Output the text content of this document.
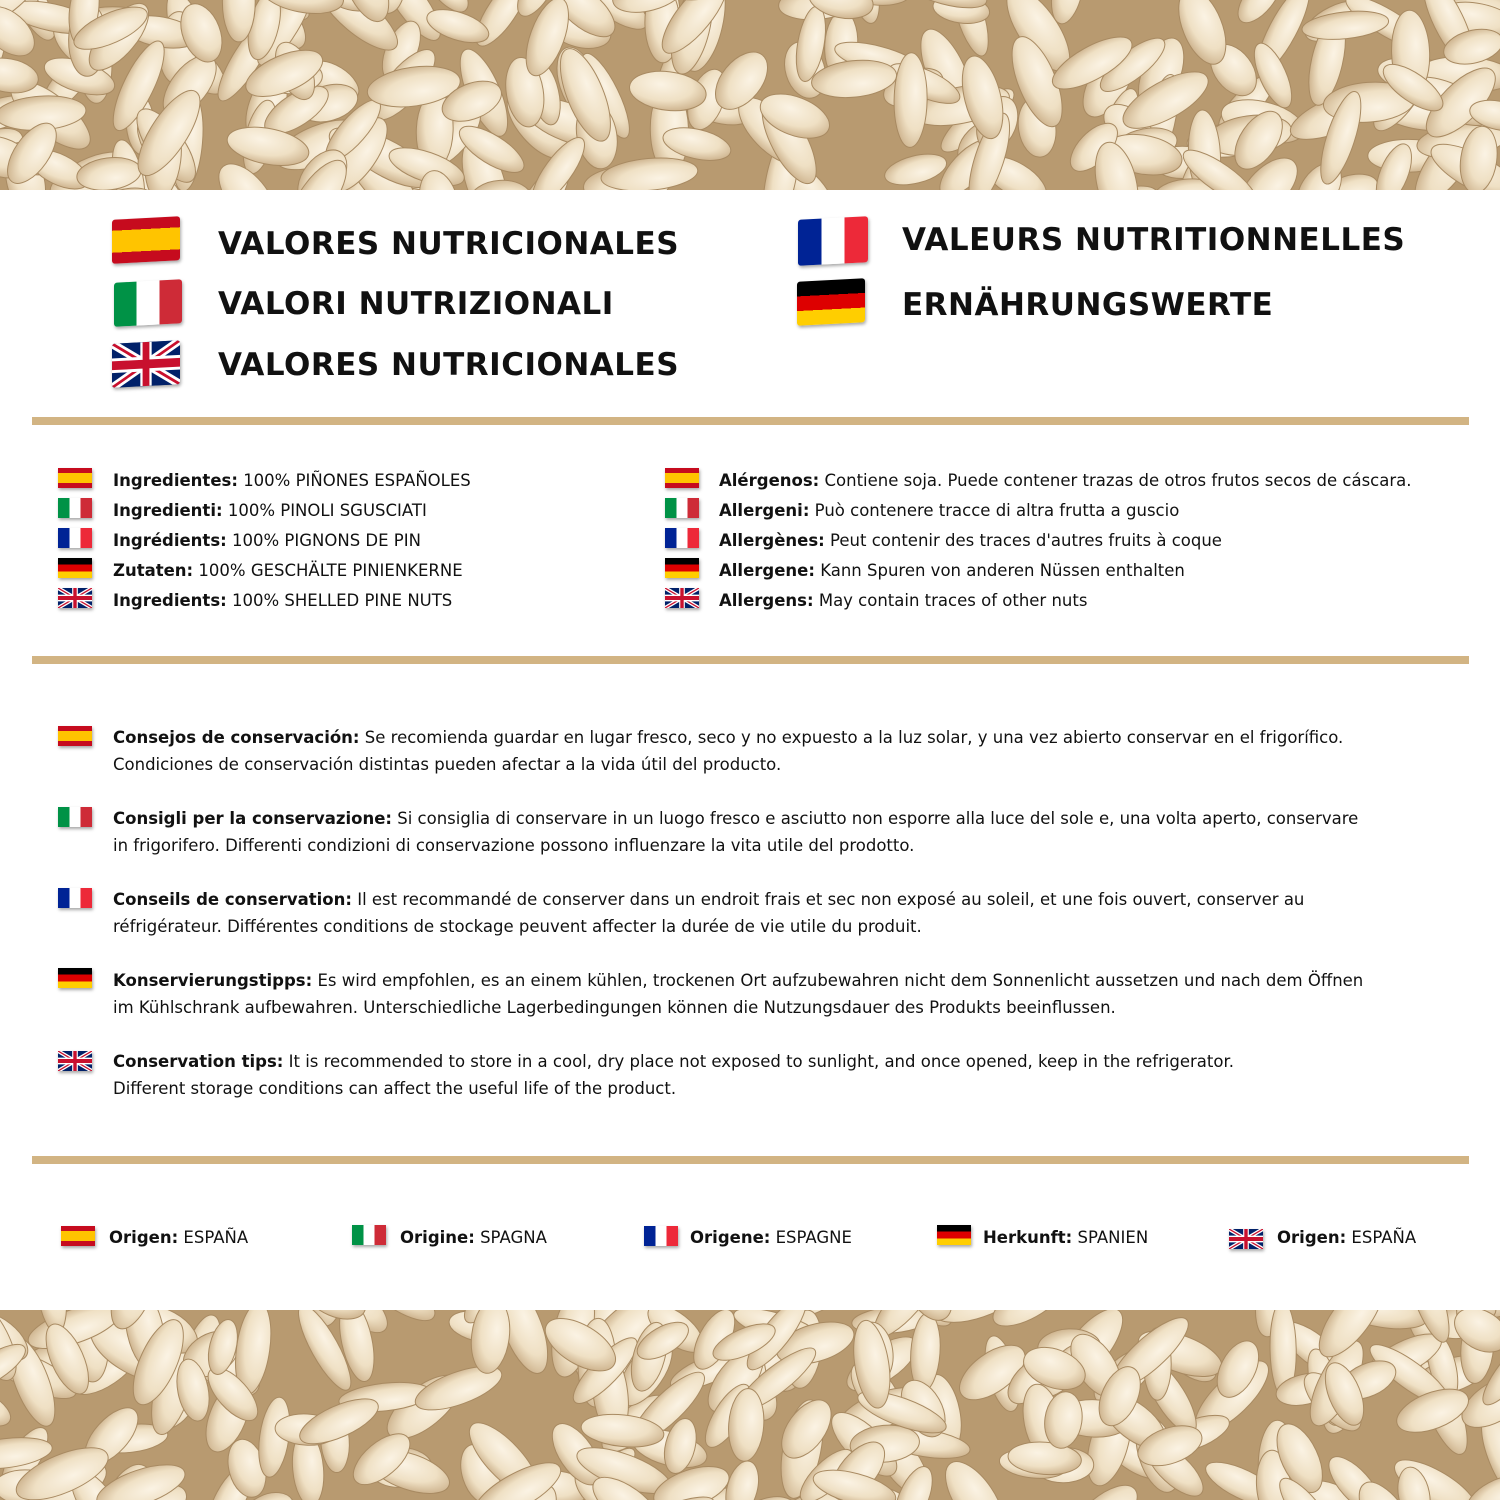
VALORES NUTRICIONALES
VALORI NUTRIZIONALI
VALORES NUTRICIONALES
VALEURS NUTRITIONNELLES
ERNÄHRUNGSWERTE
Ingredientes: 100% PIÑONES ESPAÑOLES
Ingredienti: 100% PINOLI SGUSCIATI
Ingrédients: 100% PIGNONS DE PIN
Zutaten: 100% GESCHÄLTE PINIENKERNE
Ingredients: 100% SHELLED PINE NUTS
Alérgenos: Contiene soja. Puede contener trazas de otros frutos secos de cáscara.
Allergeni: Può contenere tracce di altra frutta a guscio
Allergènes: Peut contenir des traces d'autres fruits à coque
Allergene: Kann Spuren von anderen Nüssen enthalten
Allergens: May contain traces of other nuts
Consejos de conservación: Se recomienda guardar en lugar fresco, seco y no expuesto a la luz solar, y una vez abierto conservar en el frigorífico.
Condiciones de conservación distintas pueden afectar a la vida útil del producto.
Consigli per la conservazione: Si consiglia di conservare in un luogo fresco e asciutto non esporre alla luce del sole e, una volta aperto, conservare
in frigorifero. Differenti condizioni di conservazione possono influenzare la vita utile del prodotto.
Conseils de conservation: Il est recommandé de conserver dans un endroit frais et sec non exposé au soleil, et une fois ouvert, conserver au
réfrigérateur. Différentes conditions de stockage peuvent affecter la durée de vie utile du produit.
Konservierungstipps: Es wird empfohlen, es an einem kühlen, trockenen Ort aufzubewahren nicht dem Sonnenlicht aussetzen und nach dem Öffnen
im Kühlschrank aufbewahren. Unterschiedliche Lagerbedingungen können die Nutzungsdauer des Produkts beeinflussen.
Conservation tips: It is recommended to store in a cool, dry place not exposed to sunlight, and once opened, keep in the refrigerator.
Different storage conditions can affect the useful life of the product.
Origen: ESPAÑA	Origine: SPAGNA	Origene: ESPAGNE	Herkunft: SPANIEN	Origen: ESPAÑA
